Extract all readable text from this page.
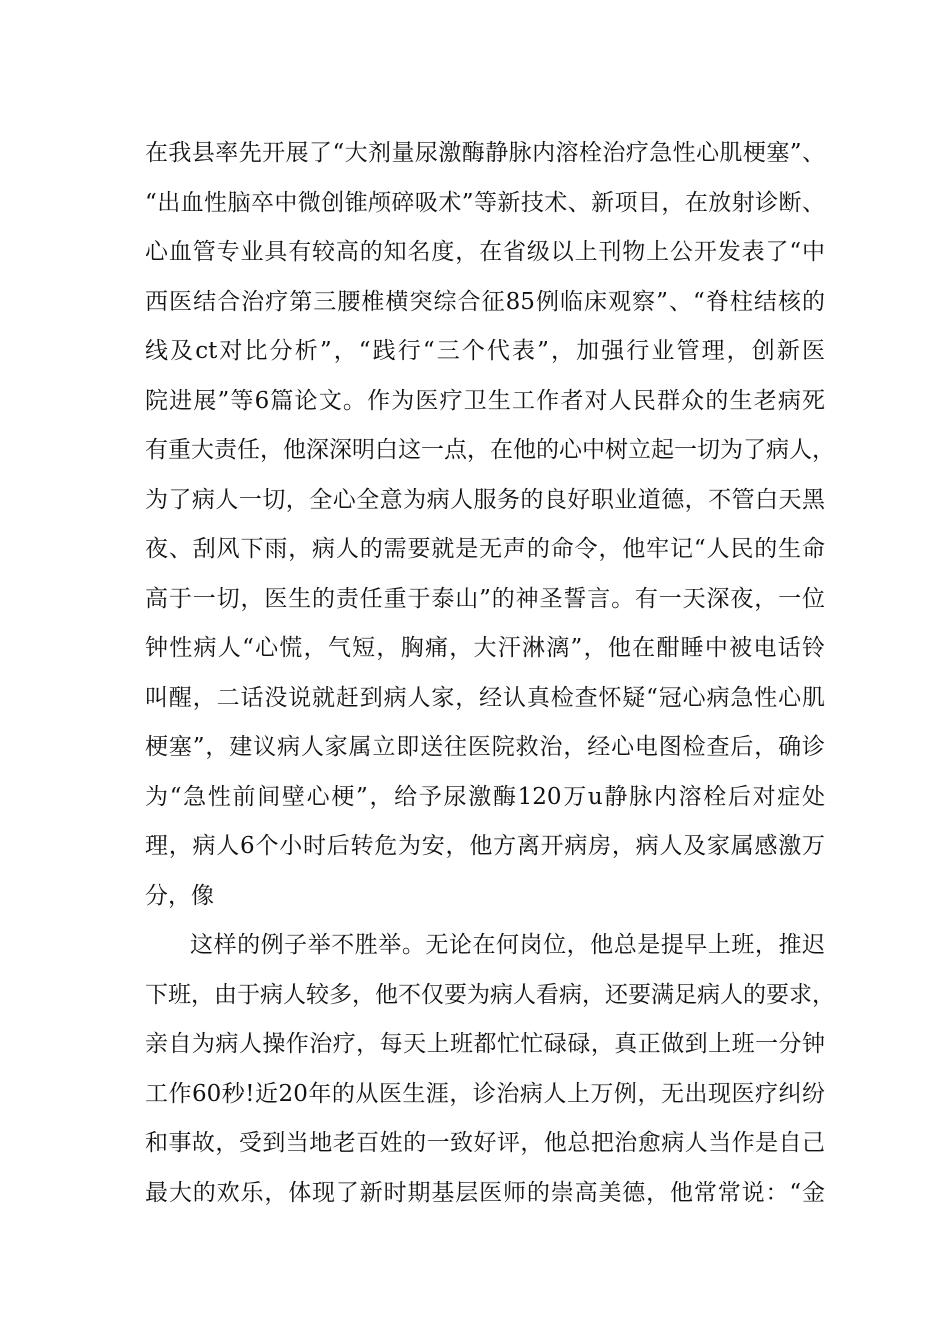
在我县率先开展了“大剂量尿激酶静脉内溶栓治疗急性心肌梗塞”、
“出血性脑卒中微创锥颅碎吸术”等新技术、新项目，在放射诊断、
心血管专业具有较高的知名度，在省级以上刊物上公开发表了“中
西医结合治疗第三腰椎横突综合征85例临床观察”、“脊柱结核的
线及ct对比分析”，“践行“三个代表”，加强行业管理，创新医
院进展”等6篇论文。作为医疗卫生工作者对人民群众的生老病死
有重大责任，他深深明白这一点，在他的心中树立起一切为了病人，
为了病人一切，全心全意为病人服务的良好职业道德，不管白天黑
夜、刮风下雨，病人的需要就是无声的命令，他牢记“人民的生命
高于一切，医生的责任重于泰山”的神圣誓言。有一天深夜，一位
钟性病人“心慌，气短，胸痛，大汗淋漓”，他在酣睡中被电话铃
叫醒，二话没说就赶到病人家，经认真检查怀疑“冠心病急性心肌
梗塞”，建议病人家属立即送往医院救治，经心电图检查后，确诊
为“急性前间壁心梗”，给予尿激酶120万u静脉内溶栓后对症处
理，病人6个小时后转危为安，他方离开病房，病人及家属感激万
分，像
这样的例子举不胜举。无论在何岗位，他总是提早上班，推迟
下班，由于病人较多，他不仅要为病人看病，还要满足病人的要求，
亲自为病人操作治疗，每天上班都忙忙碌碌，真正做到上班一分钟
工作60秒!近20年的从医生涯，诊治病人上万例，无出现医疗纠纷
和事故，受到当地老百姓的一致好评，他总把治愈病人当作是自己
最大的欢乐，体现了新时期基层医师的崇高美德，他常常说：“金
